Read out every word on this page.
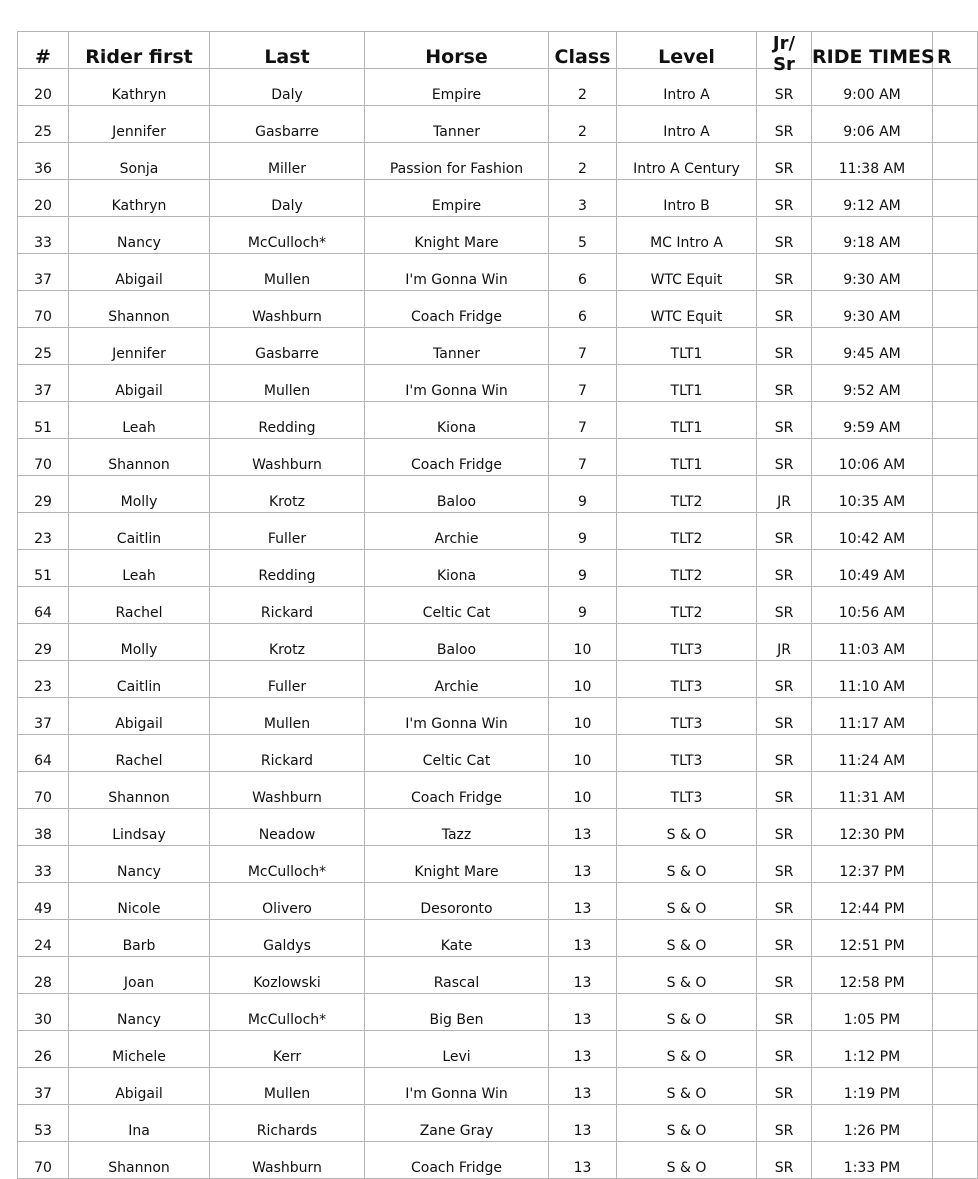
#	Rider first	Last	Horse	Class	Level	Jr/
Sr	RIDE TIMES	R
20	Kathryn	Daly	Empire	2	Intro A	SR	9:00 AM	
25	Jennifer	Gasbarre	Tanner	2	Intro A	SR	9:06 AM	
36	Sonja	Miller	Passion for Fashion	2	Intro A Century	SR	11:38 AM	
20	Kathryn	Daly	Empire	3	Intro B	SR	9:12 AM	
33	Nancy	McCulloch*	Knight Mare	5	MC Intro A	SR	9:18 AM	
37	Abigail	Mullen	I'm Gonna Win	6	WTC Equit	SR	9:30 AM	
70	Shannon	Washburn	Coach Fridge	6	WTC Equit	SR	9:30 AM	
25	Jennifer	Gasbarre	Tanner	7	TLT1	SR	9:45 AM	
37	Abigail	Mullen	I'm Gonna Win	7	TLT1	SR	9:52 AM	
51	Leah	Redding	Kiona	7	TLT1	SR	9:59 AM	
70	Shannon	Washburn	Coach Fridge	7	TLT1	SR	10:06 AM	
29	Molly	Krotz	Baloo	9	TLT2	JR	10:35 AM	
23	Caitlin	Fuller	Archie	9	TLT2	SR	10:42 AM	
51	Leah	Redding	Kiona	9	TLT2	SR	10:49 AM	
64	Rachel	Rickard	Celtic Cat	9	TLT2	SR	10:56 AM	
29	Molly	Krotz	Baloo	10	TLT3	JR	11:03 AM	
23	Caitlin	Fuller	Archie	10	TLT3	SR	11:10 AM	
37	Abigail	Mullen	I'm Gonna Win	10	TLT3	SR	11:17 AM	
64	Rachel	Rickard	Celtic Cat	10	TLT3	SR	11:24 AM	
70	Shannon	Washburn	Coach Fridge	10	TLT3	SR	11:31 AM	
38	Lindsay	Neadow	Tazz	13	S & O	SR	12:30 PM	
33	Nancy	McCulloch*	Knight Mare	13	S & O	SR	12:37 PM	
49	Nicole	Olivero	Desoronto	13	S & O	SR	12:44 PM	
24	Barb	Galdys	Kate	13	S & O	SR	12:51 PM	
28	Joan	Kozlowski	Rascal	13	S & O	SR	12:58 PM	
30	Nancy	McCulloch*	Big Ben	13	S & O	SR	1:05 PM	
26	Michele	Kerr	Levi	13	S & O	SR	1:12 PM	
37	Abigail	Mullen	I'm Gonna Win	13	S & O	SR	1:19 PM	
53	Ina	Richards	Zane Gray	13	S & O	SR	1:26 PM	
70	Shannon	Washburn	Coach Fridge	13	S & O	SR	1:33 PM	
